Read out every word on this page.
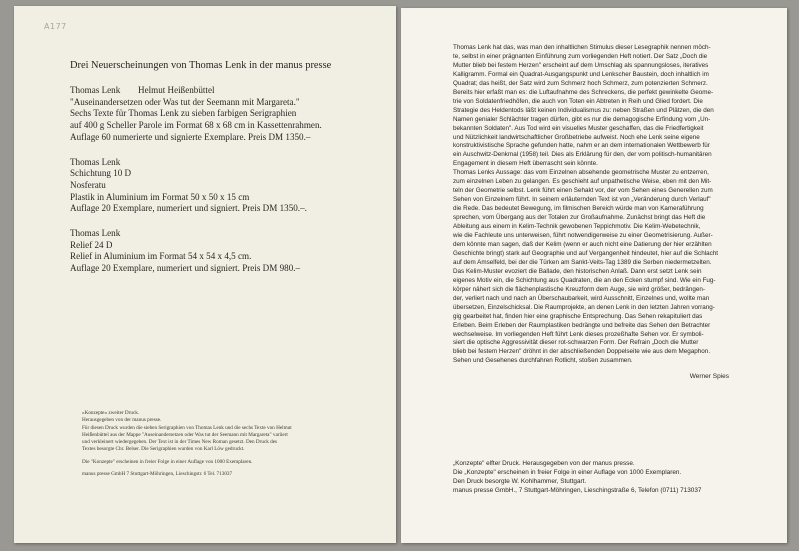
A177
Drei Neuerscheinungen von Thomas Lenk in der manus presse
Thomas Lenk Helmut Heißenbüttel
"Auseinandersetzen oder Was tut der Seemann mit Margareta."
Sechs Texte für Thomas Lenk zu sieben farbigen Serigraphien
auf 400 g Scheller Parole im Format 68 x 68 cm in Kassettenrahmen.
Auflage 60 numerierte und signierte Exemplare. Preis DM 1350.–
Thomas Lenk
Schichtung 10 D
Nosferatu
Plastik in Aluminium im Format 50 x 50 x 15 cm
Auflage 20 Exemplare, numeriert und signiert. Preis DM 1350.–.
Thomas Lenk
Relief 24 D
Relief in Aluminium im Format 54 x 54 x 4,5 cm.
Auflage 20 Exemplare, numeriert und signiert. Preis DM 980.–
»Konzepte« zweiter Druck.
Herausgegeben von der manus presse.
Für diesen Druck wurden die sieben Serigraphien von Thomas Lenk und die sechs Texte von Helmut
Heißenbüttel aus der Mappe "Auseinandersetzen oder Was tut der Seemann mit Margareta" variiert
und verkleinert wiedergegeben. Der Text ist in der Times New Roman gesetzt. Den Druck des
Textes besorgte Chr. Belser. Die Serigraphien wurden von Karl Löw gedruckt.
Die "Konzepte" erscheinen in freier Folge in einer Auflage von 1000 Exemplaren.
manus presse GmbH 7 Stuttgart-Möhringen, Lieschingstr. 6 Tel. 713037
Thomas Lenk hat das, was man den inhaltlichen Stimulus dieser Lesegraphik nennen möch-
te, selbst in einer prägnanten Einführung zum vorliegenden Heft notiert. Der Satz „Doch die
Mutter blieb bei festem Herzen" erscheint auf dem Umschlag als spannungsloses, iteratives
Kalligramm. Formal ein Quadrat-Ausgangspunkt und Lenkscher Baustein, doch inhaltlich im
Quadrat; das heißt, der Satz wird zum Schmerz hoch Schmerz, zum potenzierten Schmerz.
Bereits hier erfaßt man es: die Luftaufnahme des Schreckens, die perfekt gewinkelte Geome-
trie von Soldatenfriedhöfen, die auch von Toten ein Abtreten in Reih und Glied fordert. Die
Strategie des Heldentods läßt keinen Individualismus zu: neben Straßen und Plätzen, die den
Namen genialer Schlächter tragen dürfen, gibt es nur die demagogische Erfindung vom „Un-
bekannten Soldaten". Aus Tod wird ein visuelles Muster geschaffen, das die Friedfertigkeit
und Nützlichkeit landwirtschaftlicher Großbetriebe aufweist. Noch ehe Lenk seine eigene
konstruktivistische Sprache gefunden hatte, nahm er an dem internationalen Wettbewerb für
ein Auschwitz-Denkmal (1958) teil. Dies als Erklärung für den, der vom politisch-humanitären
Engagement in diesem Heft überrascht sein könnte.
Thomas Lenks Aussage: das vom Einzelnen absehende geometrische Muster zu entzerren,
zum einzelnen Leben zu gelangen. Es geschieht auf unpathetische Weise, eben mit den Mit-
teln der Geometrie selbst. Lenk führt einen Sehakt vor, der vom Sehen eines Generellen zum
Sehen von Einzelnem führt. In seinem erläuternden Text ist von „Veränderung durch Verlauf"
die Rede. Das bedeutet Bewegung, im filmischen Bereich würde man von Kameraführung
sprechen, vom Übergang aus der Totalen zur Großaufnahme. Zunächst bringt das Heft die
Ableitung aus einem in Kelim-Technik gewobenen Teppichmotiv. Die Kelim-Webetechnik,
wie die Fachleute uns unterweisen, führt notwendigerweise zu einer Geometrisierung. Außer-
dem könnte man sagen, daß der Kelim (wenn er auch nicht eine Datierung der hier erzählten
Geschichte bringt) stark auf Geographie und auf Vergangenheit hindeutet, hier auf die Schlacht
auf dem Amselfeld, bei der die Türken am Sankt-Veits-Tag 1389 die Serben niedermetzelten.
Das Kelim-Muster evoziert die Ballade, den historischen Anlaß. Dann erst setzt Lenk sein
eigenes Motiv ein, die Schichtung aus Quadraten, die an den Ecken stumpf sind. Wie ein Fug-
körper nähert sich die flächenplastische Kreuzform dem Auge, sie wird größer, bedrängen-
der, verliert nach und nach an Überschaubarkeit, wird Ausschnitt, Einzelnes und, wollte man
übersetzen, Einzelschicksal. Die Raumprojekte, an denen Lenk in den letzten Jahren vorrang-
gig gearbeitet hat, finden hier eine graphische Entsprechung. Das Sehen rekapituliert das
Erleben. Beim Erleben der Raumplastiken bedrängte und befreite das Sehen den Betrachter
wechselweise. Im vorliegenden Heft führt Lenk dieses prozeßhafte Sehen vor. Er symboli-
siert die optische Aggressivität dieser rot-schwarzen Form. Der Refrain „Doch die Mutter
blieb bei festem Herzen" dröhnt in der abschließenden Doppelseite wie aus dem Megaphon.
Sehen und Gesehenes durchfahren Rotlicht, stoßen zusammen.
Werner Spies
„Konzepte" elfter Druck. Herausgegeben von der manus presse.
Die „Konzepte" erscheinen in freier Folge in einer Auflage von 1000 Exemplaren.
Den Druck besorgte W. Kohlhammer, Stuttgart.
manus presse GmbH., 7 Stuttgart-Möhringen, Lieschingstraße 6, Telefon (0711) 713037
